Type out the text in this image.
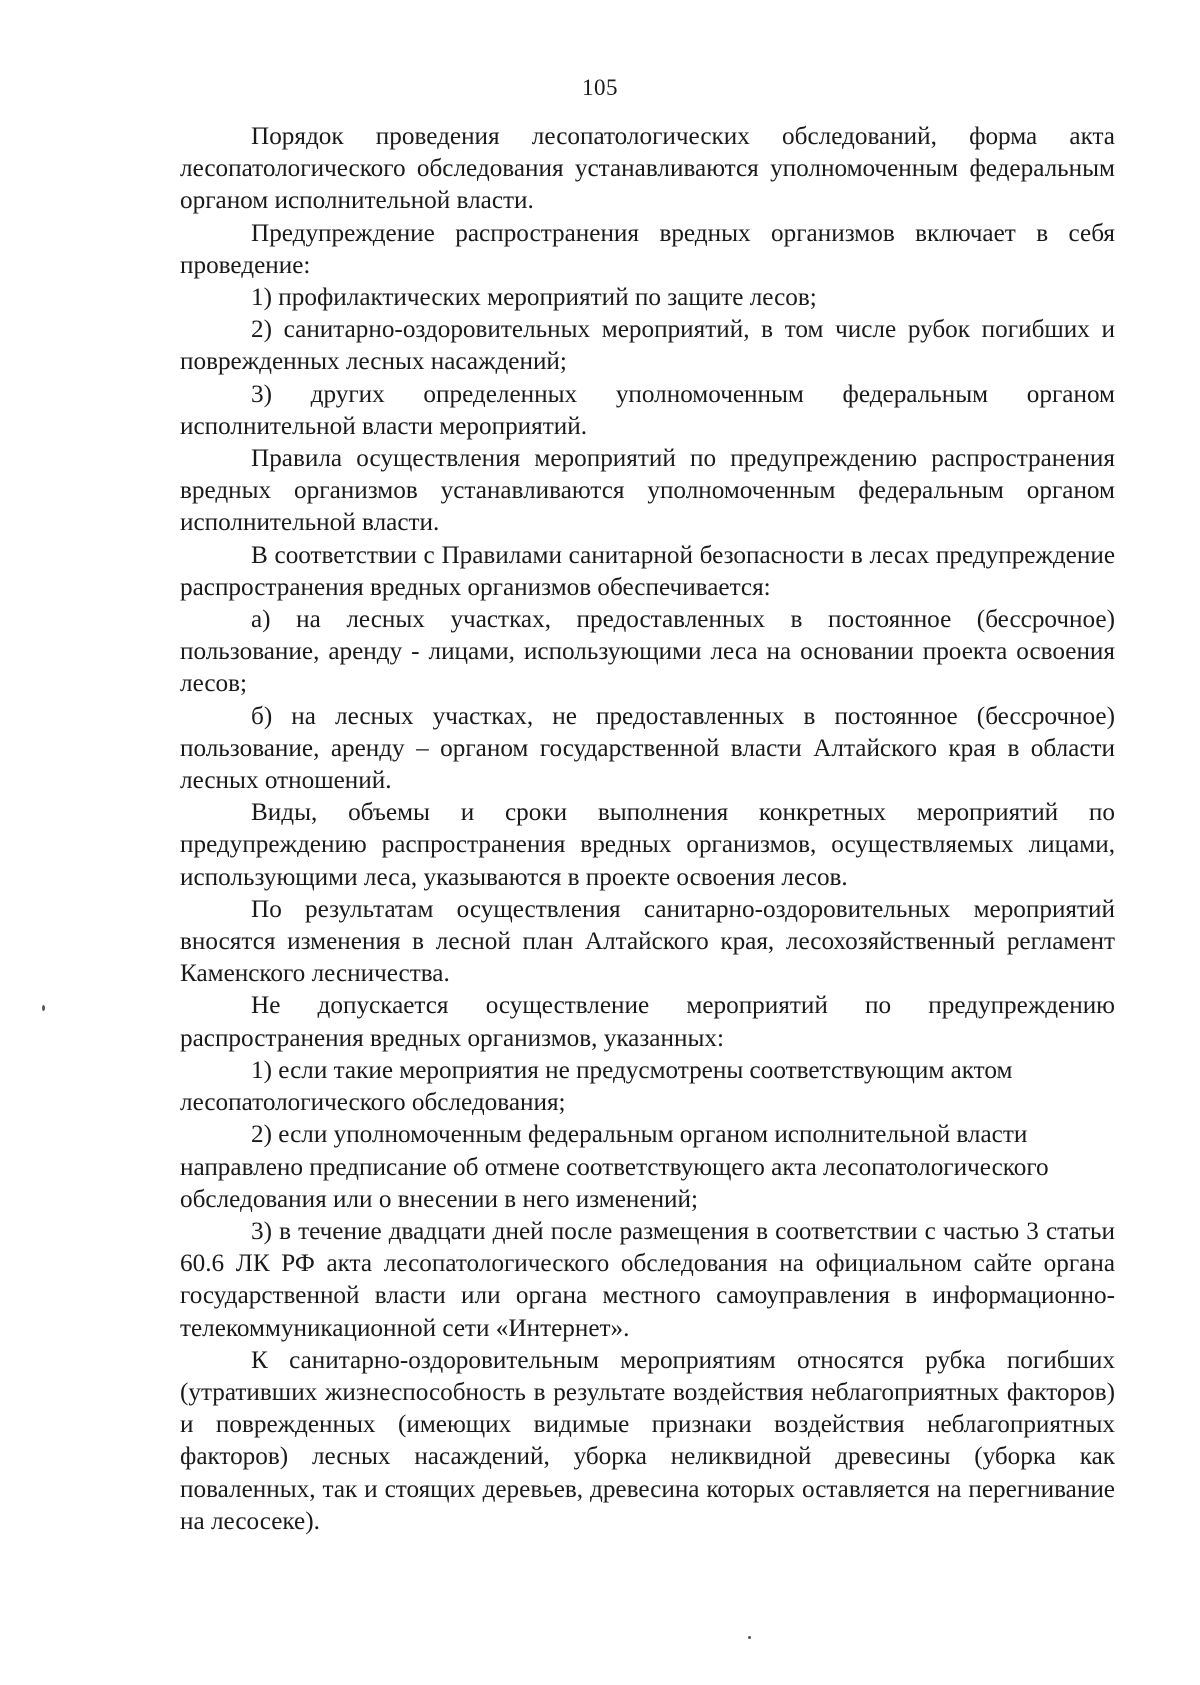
105

Порядок проведения лесопатологических обследований, форма акта лесопатологического обследования устанавливаются уполномоченным федеральным органом исполнительной власти.

Предупреждение распространения вредных организмов включает в себя проведение:

1) профилактических мероприятий по защите лесов;

2) санитарно-оздоровительных мероприятий, в том числе рубок погибших и поврежденных лесных насаждений;

3) других определенных уполномоченным федеральным органом исполнительной власти мероприятий.

Правила осуществления мероприятий по предупреждению распространения вредных организмов устанавливаются уполномоченным федеральным органом исполнительной власти.

В соответствии с Правилами санитарной безопасности в лесах предупреждение распространения вредных организмов обеспечивается:

а) на лесных участках, предоставленных в постоянное (бессрочное) пользование, аренду - лицами, использующими леса на основании проекта освоения лесов;

б) на лесных участках, не предоставленных в постоянное (бессрочное) пользование, аренду – органом государственной власти Алтайского края в области лесных отношений.

Виды, объемы и сроки выполнения конкретных мероприятий по предупреждению распространения вредных организмов, осуществляемых лицами, использующими леса, указываются в проекте освоения лесов.

По результатам осуществления санитарно-оздоровительных мероприятий вносятся изменения в лесной план Алтайского края, лесохозяйственный регламент Каменского лесничества.

Не допускается осуществление мероприятий по предупреждению распространения вредных организмов, указанных:

1) если такие мероприятия не предусмотрены соответствующим актом лесопатологического обследования;

2) если уполномоченным федеральным органом исполнительной власти направлено предписание об отмене соответствующего акта лесопатологического обследования или о внесении в него изменений;

3) в течение двадцати дней после размещения в соответствии с частью 3 статьи 60.6 ЛК РФ акта лесопатологического обследования на официальном сайте органа государственной власти или органа местного самоуправления в информационно-телекоммуникационной сети «Интернет».

К санитарно-оздоровительным мероприятиям относятся рубка погибших (утративших жизнеспособность в результате воздействия неблагоприятных факторов) и поврежденных (имеющих видимые признаки воздействия неблагоприятных факторов) лесных насаждений, уборка неликвидной древесины (уборка как поваленных, так и стоящих деревьев, древесина которых оставляется на перегнивание на лесосеке).
